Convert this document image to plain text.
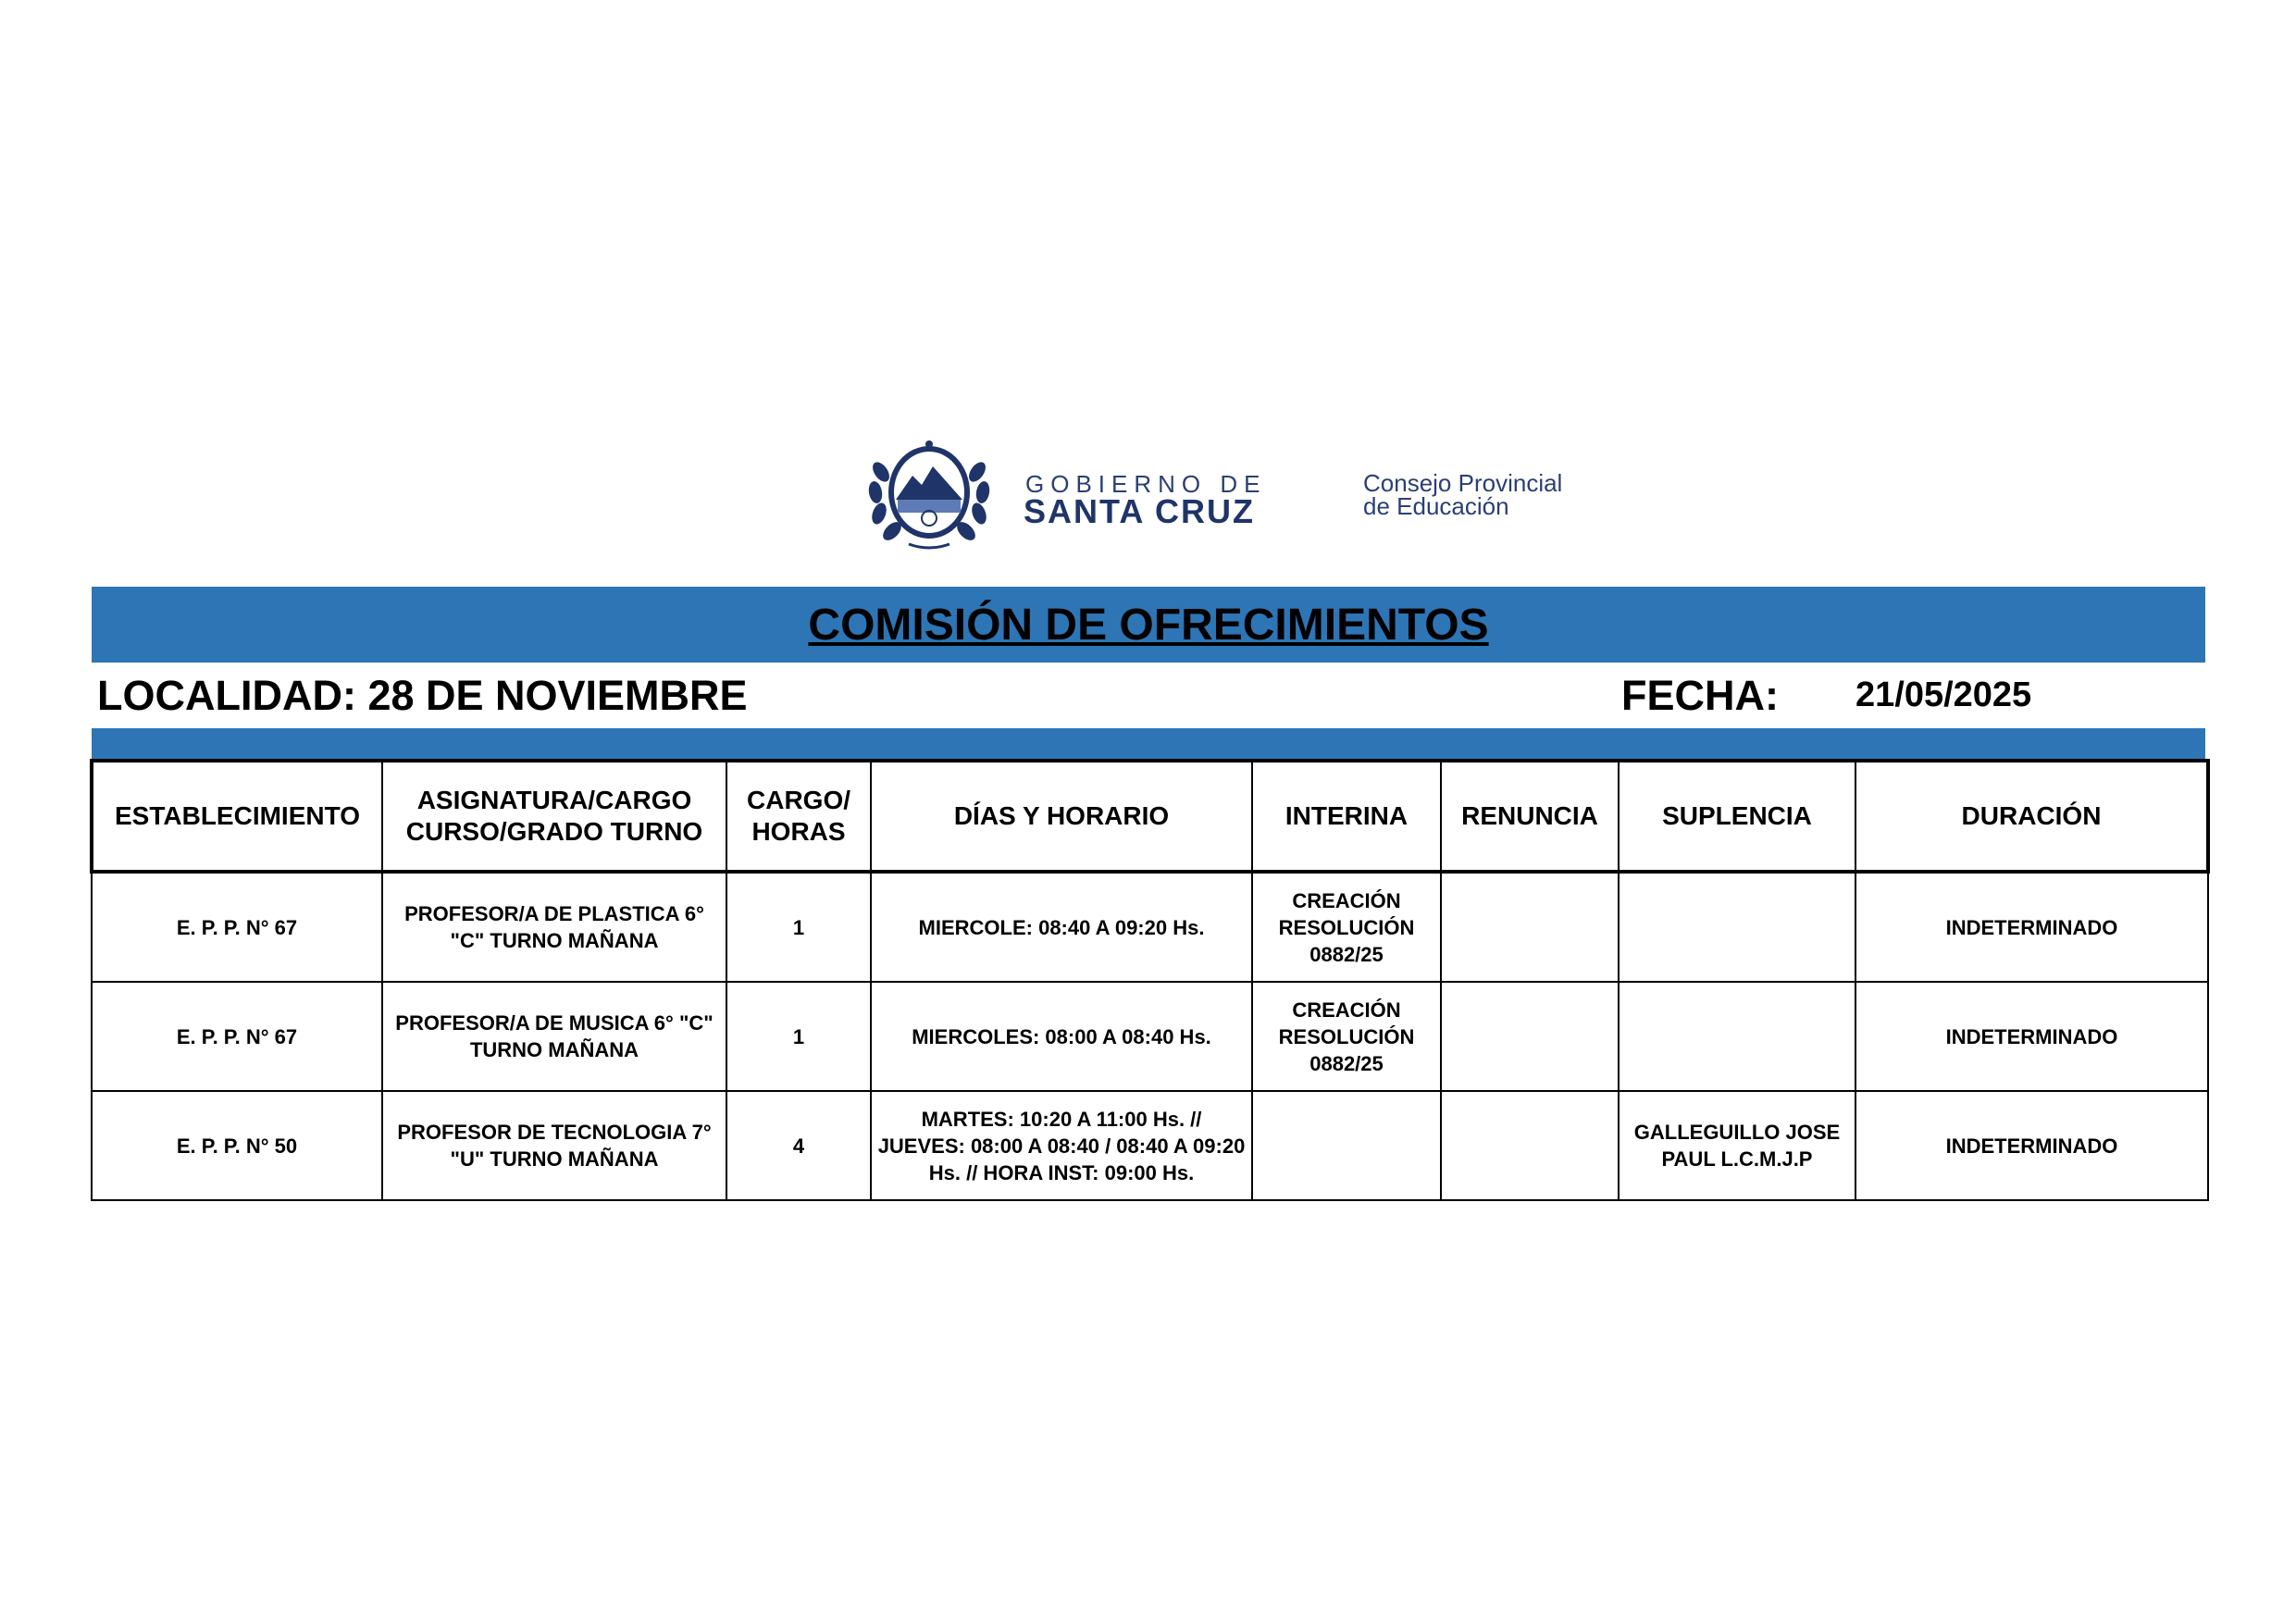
GOBIERNO DE
SANTA CRUZ
Consejo Provincial
de Educación
COMISIÓN DE OFRECIMIENTOS
LOCALIDAD: 28 DE NOVIEMBRE	FECHA: 21/05/2025
ESTABLECIMIENTO	ASIGNATURA/CARGO CURSO/GRADO TURNO	CARGO/ HORAS	DÍAS Y HORARIO	INTERINA	RENUNCIA	SUPLENCIA	DURACIÓN
E. P. P. N° 67	PROFESOR/A DE PLASTICA 6° "C" TURNO MAÑANA	1	MIERCOLE: 08:40 A 09:20 Hs.	CREACIÓN RESOLUCIÓN 0882/25			INDETERMINADO
E. P. P. N° 67	PROFESOR/A DE MUSICA 6° "C" TURNO MAÑANA	1	MIERCOLES: 08:00 A 08:40 Hs.	CREACIÓN RESOLUCIÓN 0882/25			INDETERMINADO
E. P. P. N° 50	PROFESOR DE TECNOLOGIA 7° "U" TURNO MAÑANA	4	MARTES: 10:20 A 11:00 Hs. // JUEVES: 08:00 A 08:40 / 08:40 A 09:20 Hs. // HORA INST: 09:00 Hs.			GALLEGUILLO JOSE PAUL L.C.M.J.P	INDETERMINADO
